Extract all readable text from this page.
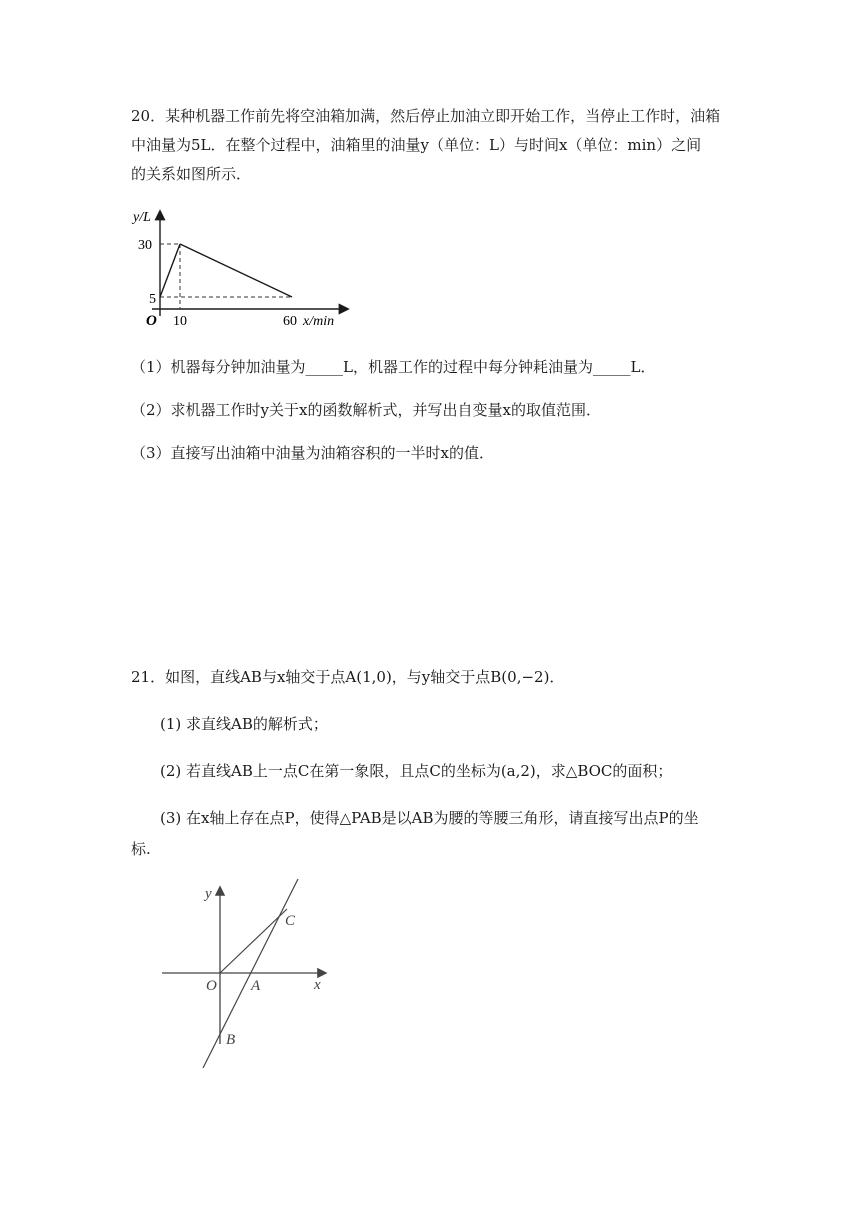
20．某种机器工作前先将空油箱加满，然后停止加油立即开始工作，当停止工作时，油箱
中油量为5L．在整个过程中，油箱里的油量y（单位：L）与时间x（单位：min）之间
的关系如图所示．
y/L
30
5
O 10	60 x/min
（1）机器每分钟加油量为_____L，机器工作的过程中每分钟耗油量为_____L．
（2）求机器工作时y关于x的函数解析式，并写出自变量x的取值范围．
（3）直接写出油箱中油量为油箱容积的一半时x的值．
21．如图，直线AB与x轴交于点A(1,0)，与y轴交于点B(0,−2)．
(1) 求直线AB的解析式；
(2) 若直线AB上一点C在第一象限，且点C的坐标为(a,2)，求△BOC的面积；
(3) 在x轴上存在点P，使得△PAB是以AB为腰的等腰三角形，请直接写出点P的坐
标.
y
x
O A
B
C
